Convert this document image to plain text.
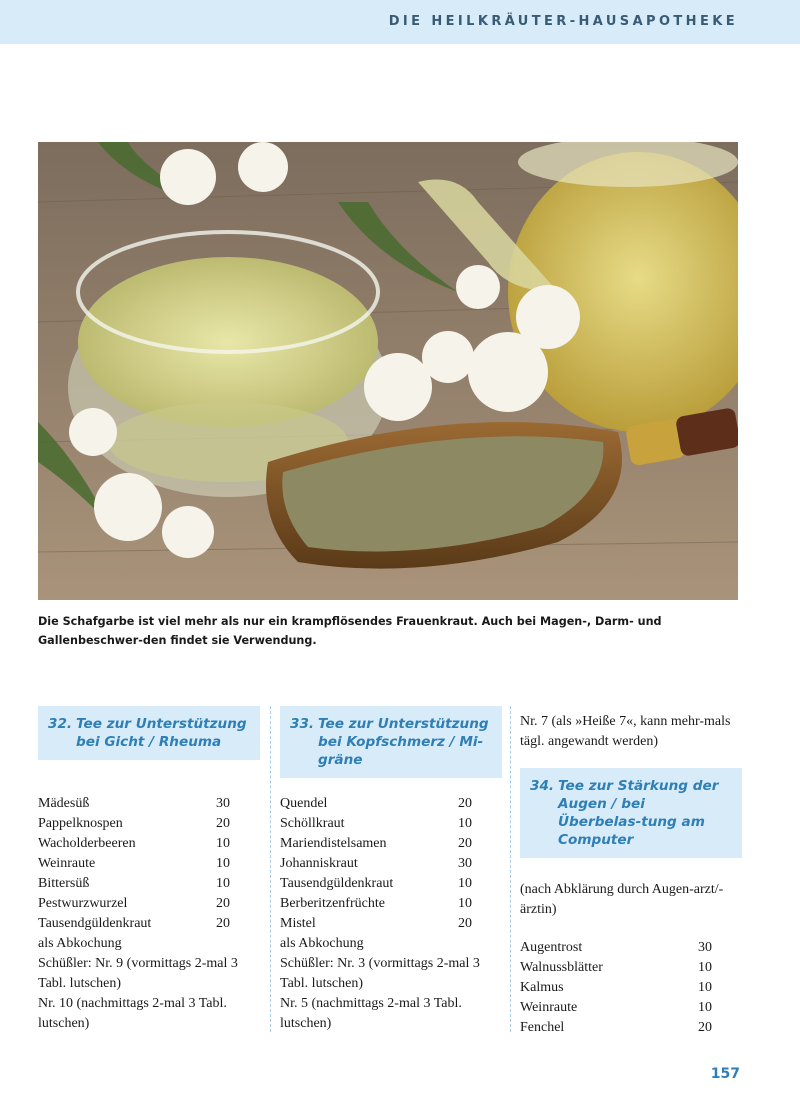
DIE HEILKRÄUTER-HAUSAPOTHEKE
Die Schafgarbe ist viel mehr als nur ein krampflösendes Frauenkraut. Auch bei Magen-, Darm- und Gallenbeschwer-den findet sie Verwendung.
32. Tee zur Unterstützung bei Gicht / Rheuma
Mädesüß	30
Pappelknospen	20
Wacholderbeeren	10
Weinraute	10
Bittersüß	10
Pestwurzwurzel	20
Tausendgüldenkraut	20

als Abkochung

Schüßler: Nr. 9 (vormittags 2-mal 3 Tabl. lutschen)

Nr. 10 (nachmittags 2-mal 3 Tabl. lutschen)

33. Tee zur Unterstützung bei Kopfschmerz / Mi-gräne
Quendel	20
Schöllkraut	10
Mariendistelsamen	20
Johanniskraut	30
Tausendgüldenkraut	10
Berberitzenfrüchte	10
Mistel	20

als Abkochung

Schüßler: Nr. 3 (vormittags 2-mal 3 Tabl. lutschen)

Nr. 5 (nachmittags 2-mal 3 Tabl. lutschen)

Nr. 7 (als »Heiße 7«, kann mehr-mals tägl. angewandt werden)

34. Tee zur Stärkung der Augen / bei Überbelas-tung am Computer

(nach Abklärung durch Augen-arzt/-ärztin)

Augentrost	30
Walnussblätter	10
Kalmus	10
Weinraute	10
Fenchel	20
157
